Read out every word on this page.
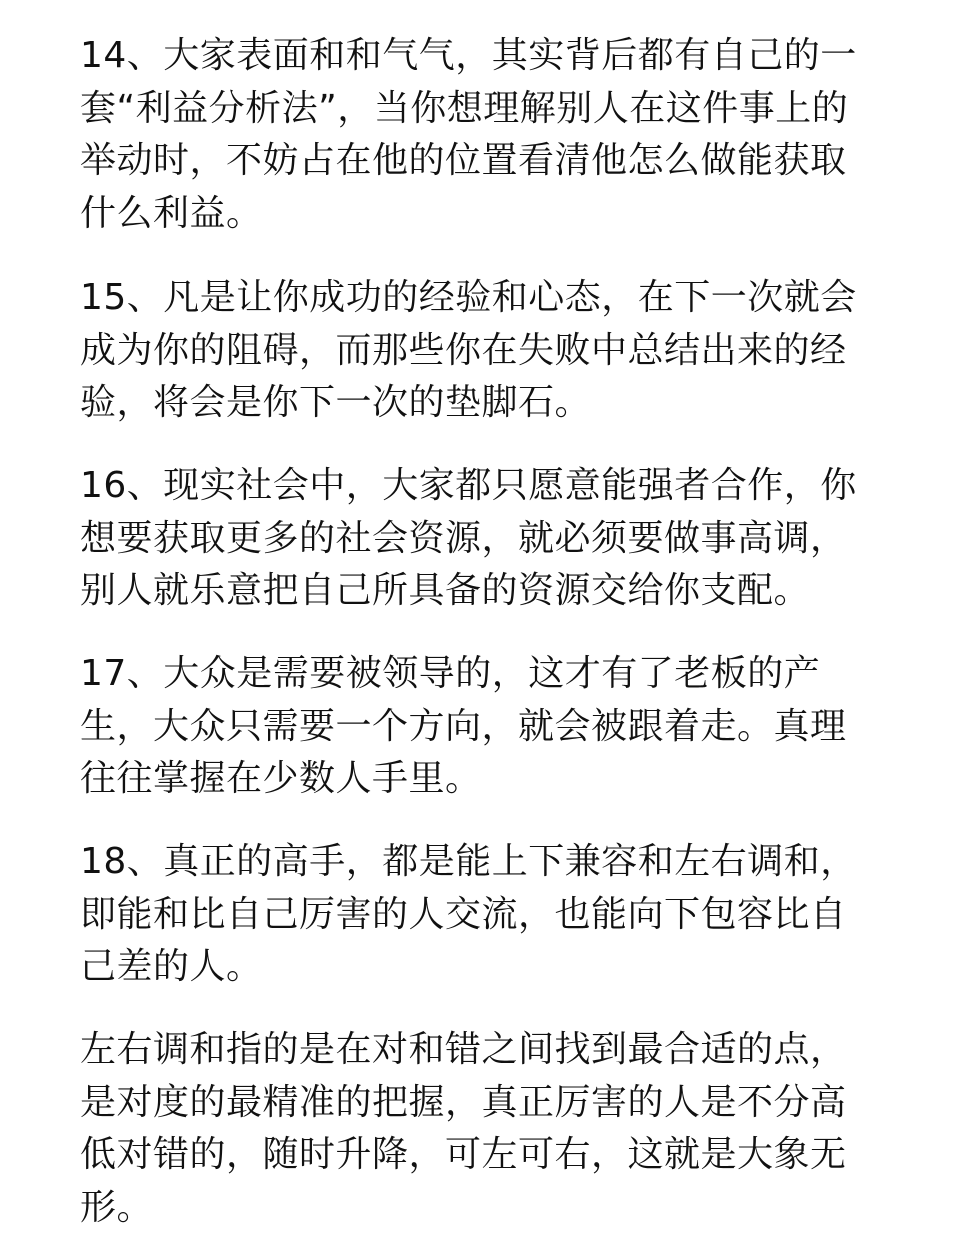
14、大家表面和和气气，其实背后都有自己的一套“利益分析法”，当你想理解别人在这件事上的举动时，不妨占在他的位置看清他怎么做能获取什么利益。

15、凡是让你成功的经验和心态，在下一次就会成为你的阻碍，而那些你在失败中总结出来的经验，将会是你下一次的垫脚石。

16、现实社会中，大家都只愿意能强者合作，你想要获取更多的社会资源，就必须要做事高调，别人就乐意把自己所具备的资源交给你支配。

17、大众是需要被领导的，这才有了老板的产生，大众只需要一个方向，就会被跟着走。真理往往掌握在少数人手里。

18、真正的高手，都是能上下兼容和左右调和，即能和比自己厉害的人交流，也能向下包容比自己差的人。

左右调和指的是在对和错之间找到最合适的点，是对度的最精准的把握，真正厉害的人是不分高低对错的，随时升降，可左可右，这就是大象无形。
